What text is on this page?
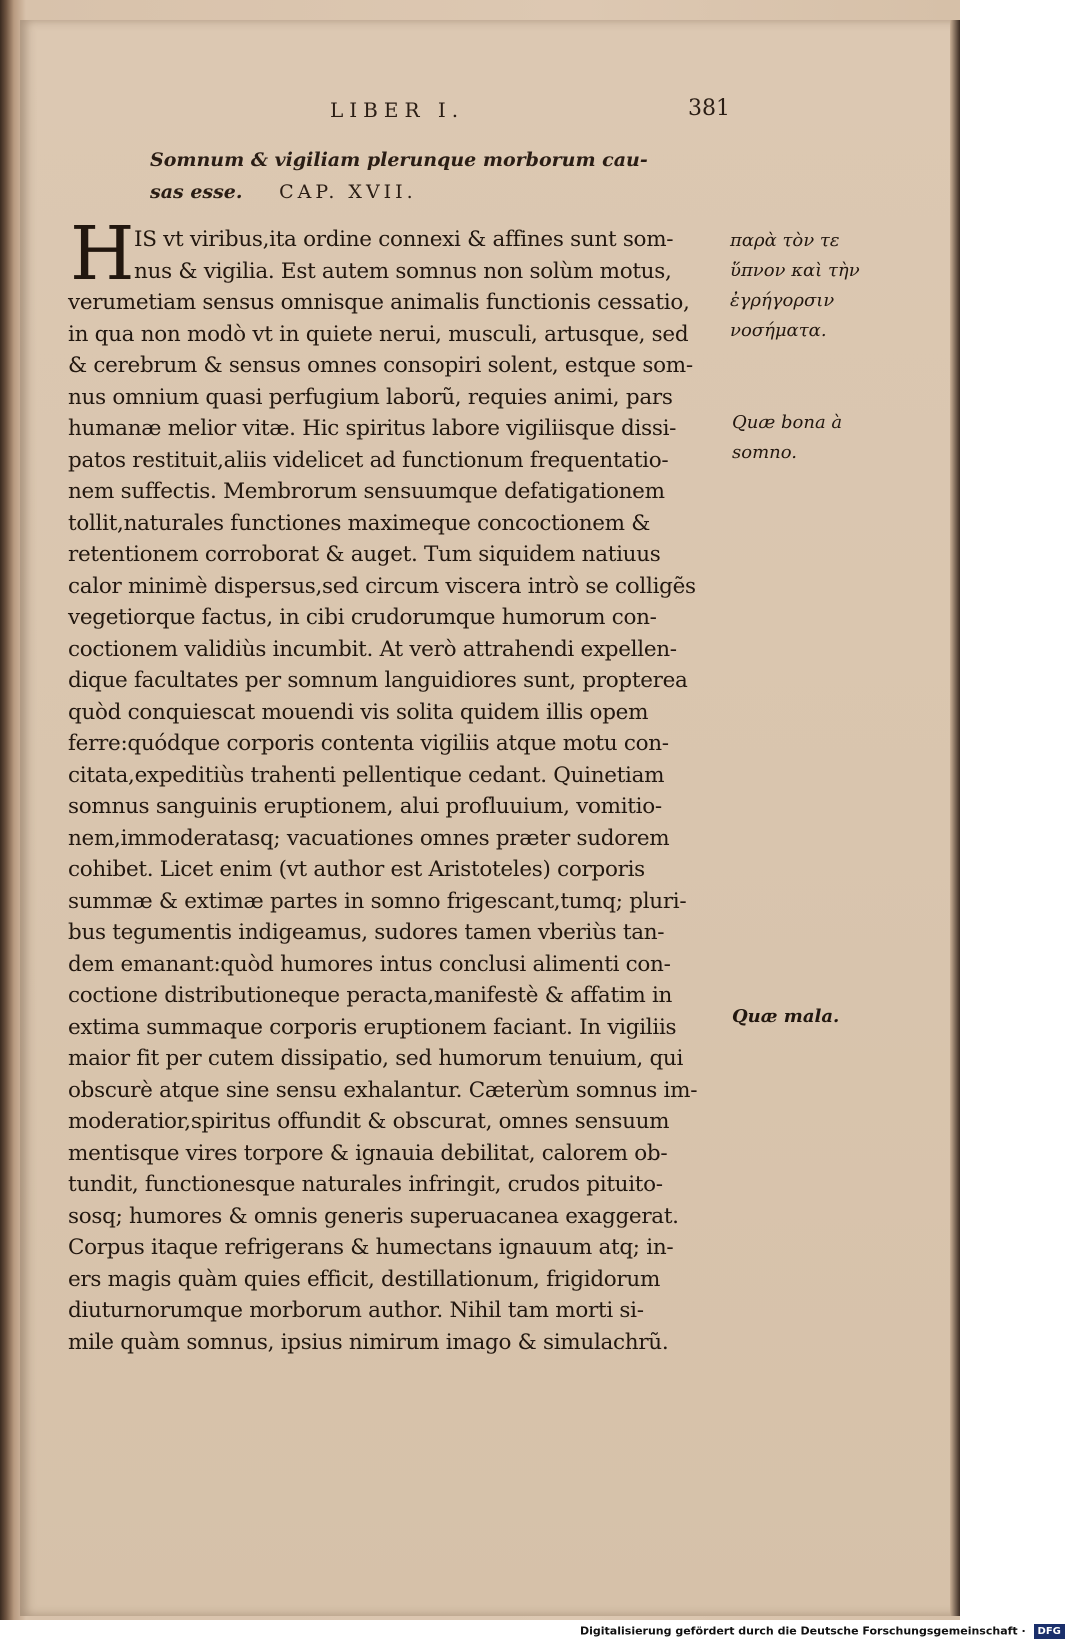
LIBER I.	381
Somnum & vigiliam plerunque morborum cau-
sas esse. CAP. XVII.
H IS vt viribus,ita ordine connexi & affines sunt som-
nus & vigilia. Est autem somnus non solùm motus,
verumetiam sensus omnisque animalis functionis cessatio,
in qua non modò vt in quiete nerui, musculi, artusque, sed
& cerebrum & sensus omnes consopiri solent, estque som-
nus omnium quasi perfugium laborũ, requies animi, pars
humanæ melior vitæ. Hic spiritus labore vigiliisque dissi-
patos restituit,aliis videlicet ad functionum frequentatio-
nem suffectis. Membrorum sensuumque defatigationem
tollit,naturales functiones maximeque concoctionem &
retentionem corroborat & auget. Tum siquidem natiuus
calor minimè dispersus,sed circum viscera intrò se colligẽs
vegetiorque factus, in cibi crudorumque humorum con-
coctionem validiùs incumbit. At verò attrahendi expellen-
dique facultates per somnum languidiores sunt, propterea
quòd conquiescat mouendi vis solita quidem illis opem
ferre:quódque corporis contenta vigiliis atque motu con-
citata,expeditiùs trahenti pellentique cedant. Quinetiam
somnus sanguinis eruptionem, alui profluuium, vomitio-
nem,immoderatasq; vacuationes omnes præter sudorem
cohibet. Licet enim (vt author est Aristoteles) corporis
summæ & extimæ partes in somno frigescant,tumq; pluri-
bus tegumentis indigeamus, sudores tamen vberiùs tan-
dem emanant:quòd humores intus conclusi alimenti con-
coctione distributioneque peracta,manifestè & affatim in
extima summaque corporis eruptionem faciant. In vigiliis
maior fit per cutem dissipatio, sed humorum tenuium, qui
obscurè atque sine sensu exhalantur. Cæterùm somnus im-
moderatior,spiritus offundit & obscurat, omnes sensuum
mentisque vires torpore & ignauia debilitat, calorem ob-
tundit, functionesque naturales infringit, crudos pituito-
sosq; humores & omnis generis superuacanea exaggerat.
Corpus itaque refrigerans & humectans ignauum atq; in-
ers magis quàm quies efficit, destillationum, frigidorum
diuturnorumque morborum author. Nihil tam morti si-
mile quàm somnus, ipsius nimirum imago & simulachrũ.
παρὰ τὸν τε
ὕπνον καὶ τὴν
ἐγρήγορσιν
νοσήματα.
Quæ bona à
somno.
Quæ mala.
Digitalisierung gefördert durch die Deutsche Forschungsgemeinschaft · DFG
